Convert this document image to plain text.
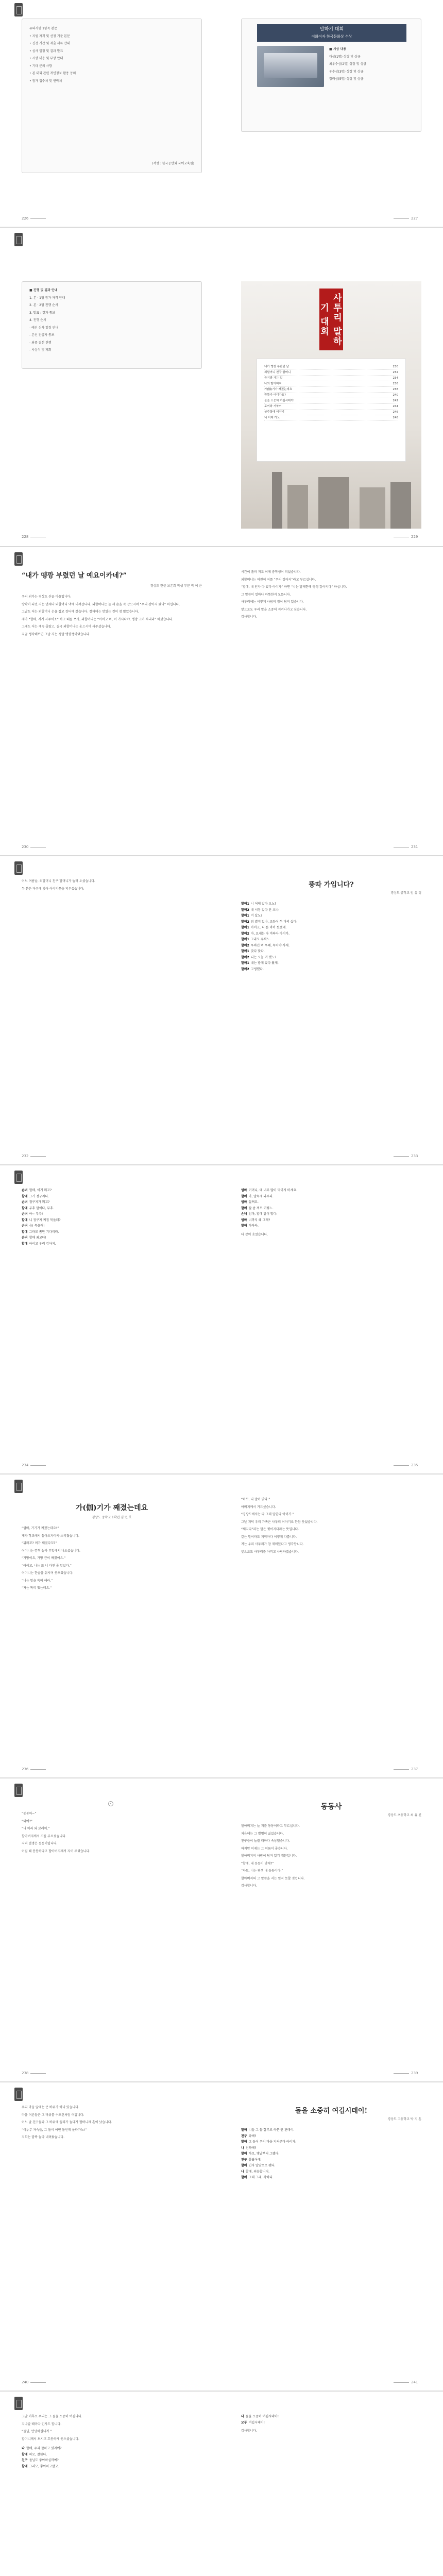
유의사항 1항목 본문

• 지원 자격 및 선정 기준 본문

• 신청 기간 및 제출 서류 안내

• 심사 일정 및 결과 발표

• 시상 내용 및 부상 안내

• 기타 문의 사항

• 본 대회 관련 개인정보 활용 동의

• 참가 접수처 및 연락처

(작성 : 한국공안회 국어교육원)
226
말하기 대회
이화여자 한국문화상 수상

■ 시상 내용

대상(1명) 상장 및 상금

최우수상(2명) 상장 및 상금

우수상(3명) 상장 및 상금

장려상(5명) 상장 및 상금

227

■ 진행 및 결과 안내

1. 본 · 1팀 참가 자격 안내

2. 본 · 2팀 진행 순서

3. 발표 : 결과 통보

4. 진행 순서

- 예선 심사 일정 안내

- 본선 진출자 통보

- 최종 결선 진행

- 시상식 및 폐회

228
사투리 말하기 대회
내가 뗑깡 부렸던 날	230
외할머니 친구 할머니	232
둥지방 가는 길	234
나의 할아버지	236
가(伽)기가 째졌는데요	238
뚱뚱가 어디가요?	240
돌을 소중히 여깁시데이!	242
토끼와 거북이	244
상주할매 이야기	246
니 어데 가노	248
229
“내가 뗑깡 부렸던 날 예요이카네?”
경상도 한글 보존회 학생 부문 박 예 은

우리 외가는 경상도 산골 마을입니다.

방학이 되면 저는 언제나 외할머니 댁에 내려갑니다. 외할머니는 늘 제 손을 꼭 잡으시며 “우리 강아지 왔나” 하십니다.

그날도 저는 외할머니 손을 잡고 장터에 갔습니다. 장터에는 맛있는 것이 참 많았습니다.

제가 “할매, 저거 사주이소” 하고 떼를 쓰자, 외할머니는 “아이고 마, 이 가시나야, 뗑깡 고마 부리라” 하셨습니다.

그래도 저는 계속 졸랐고, 결국 외할머니는 웃으시며 사주셨습니다.

지금 생각해보면 그날 저는 정말 뗑깡쟁이였습니다.

시간이 흘러 저도 이제 중학생이 되었습니다.

외할머니는 여전히 저를 “우리 강아지”라고 부르십니다.

“할매, 내 인자 다 컸다 아이가” 하면 “니는 할매한테 평생 강아지다” 하십니다.

그 말씀이 얼마나 따뜻한지 모릅니다.

사투리에는 이렇게 사람의 정이 담겨 있습니다.

앞으로도 우리 말을 소중히 지켜나가고 싶습니다.

감사합니다.

230	231

어느 여름날, 외할머니 친구 할머니가 놀러 오셨습니다.

두 분은 마루에 앉아 이야기꽃을 피우셨습니다.	뚱따 가입니다?
경상도 중학교 임 유 정
할매1 니 어데 갔다 오노?
할매2 내 시장 갔다 안 오나.
할매1 머 샀노?
할매2 뭐 별거 있나, 고등어 두 마리 샀다.
할매1 아이고, 니 돈 마이 썼겠네.
할매2 마, 요새는 다 비싸다 아이가.
할매1 그라모 우짜노.
할매2 우짜긴 머 우째, 묵어야 사제.
할매1 맞다 맞다.
할매2 니는 오늘 머 했노?
할매1 내는 밭에 갔다 왔제.
할매2 고생했다.
232	233
손녀 할매, 이기 뭐꼬?
할매 그기 정구지다.
손녀 정구지가 뭐고?
할매 부추 말이다, 부추.
손녀 아~ 부추!
할매 니 정구지 찌짐 묵을래?
손녀 응! 묵을래!
할매 그라모 쫌만 기다리라.
손녀 할매 최고다!
할매 아이고 우리 강아지.
엄마 어머니, 애 너무 많이 먹이지 마세요.
할매 마, 알묵게 놔두라.
엄마 살쪄요.
할매 살 좀 찌모 어떻노.
손녀 엄마, 할매 말이 맞다.
엄마 너까지 왜 그래?
할매 하하하.

다 같이 웃었습니다.

234	235
가(伽)기가 째졌는데요
경상도 중학교 1학년 김 민 호

“엄마, 가기가 째졌는데요!”

제가 학교에서 돌아오자마자 소리쳤습니다.

“뭐라꼬? 머가 째졌다꼬?”

어머니는 깜짝 놀라 부엌에서 나오셨습니다.

“가방이요, 가방 끈이 째졌어요.”

“아이고, 나는 또 니 다친 줄 알았다.”

어머니는 한숨을 쉬시며 웃으셨습니다.

“니는 말을 똑띠 해라.”

“저는 똑띠 했는데요.”

“하모, 니 말이 맞다.”

아버지께서 거드셨습니다.

“경상도에서는 다 그래 말한다 아이가.”

그날 저녁 우리 가족은 사투리 이야기로 한참 웃었습니다.

“째지다”라는 말은 찢어지다라는 뜻입니다.

같은 말이라도 지역마다 이렇게 다릅니다.

저는 우리 사투리가 참 재미있다고 생각합니다.

앞으로도 사투리를 아끼고 사랑하겠습니다.

236	237

“동동아~”

“와예?”

“니 이리 와 보래이.”

할아버지께서 저를 부르셨습니다.

저의 별명은 동동이입니다.

어릴 때 통통하다고 할아버지께서 지어 주셨습니다.

동동사
경상도 초등학교 최 유 진

할아버지는 늘 저를 동동이라고 부르십니다.

처음에는 그 별명이 싫었습니다.

친구들이 놀릴 때마다 속상했습니다.

하지만 이제는 그 이름이 좋습니다.

할아버지의 사랑이 담겨 있기 때문입니다.

“할배, 내 동동이 맞제?”

“하모, 니는 평생 내 동동이다.”

할아버지의 그 말씀을 저는 잊지 못할 것입니다.

감사합니다.

238	239

우리 마을 앞에는 큰 바위가 하나 있습니다.

마을 어른들은 그 바위를 수호신처럼 여깁니다.

어느 날 친구들과 그 바위에 올라가 놀다가 할머니께 혼이 났습니다.

“이누무 자슥들, 그 돌이 어떤 돌인데 올라가노!”

저희는 깜짝 놀라 내려왔습니다.

돌을 소중히 여깁시데이!
경상도 고등학교 박 지 훈
할매 니들 그 돌 함부로 하믄 안 된데이.
친구 와예?
할매 그 돌이 우리 마을 지켜준다 아이가.
나 진짜예?
할매 하모, 옛날부터 그랬다.
친구 몰랐어예.
할매 인자 알았으모 됐다.
나 할매, 죄송합니더.
할매 그래 그래, 착하다.
240	241

그날 이후로 우리는 그 돌을 소중히 여깁니다.

지나갈 때마다 인사도 합니다.

“돌님, 안녕하십니꺼.”

할머니께서 보시고 흐뭇하게 웃으셨습니다.

나 할매, 우리 잘하고 있지예?
할매 하모, 잘한다.
친구 돌님도 좋아하실까예?
할매 그라모, 좋아하고말고.
나 돌을 소중히 여깁시데이!
모두 여깁시데이!

감사합니다.
